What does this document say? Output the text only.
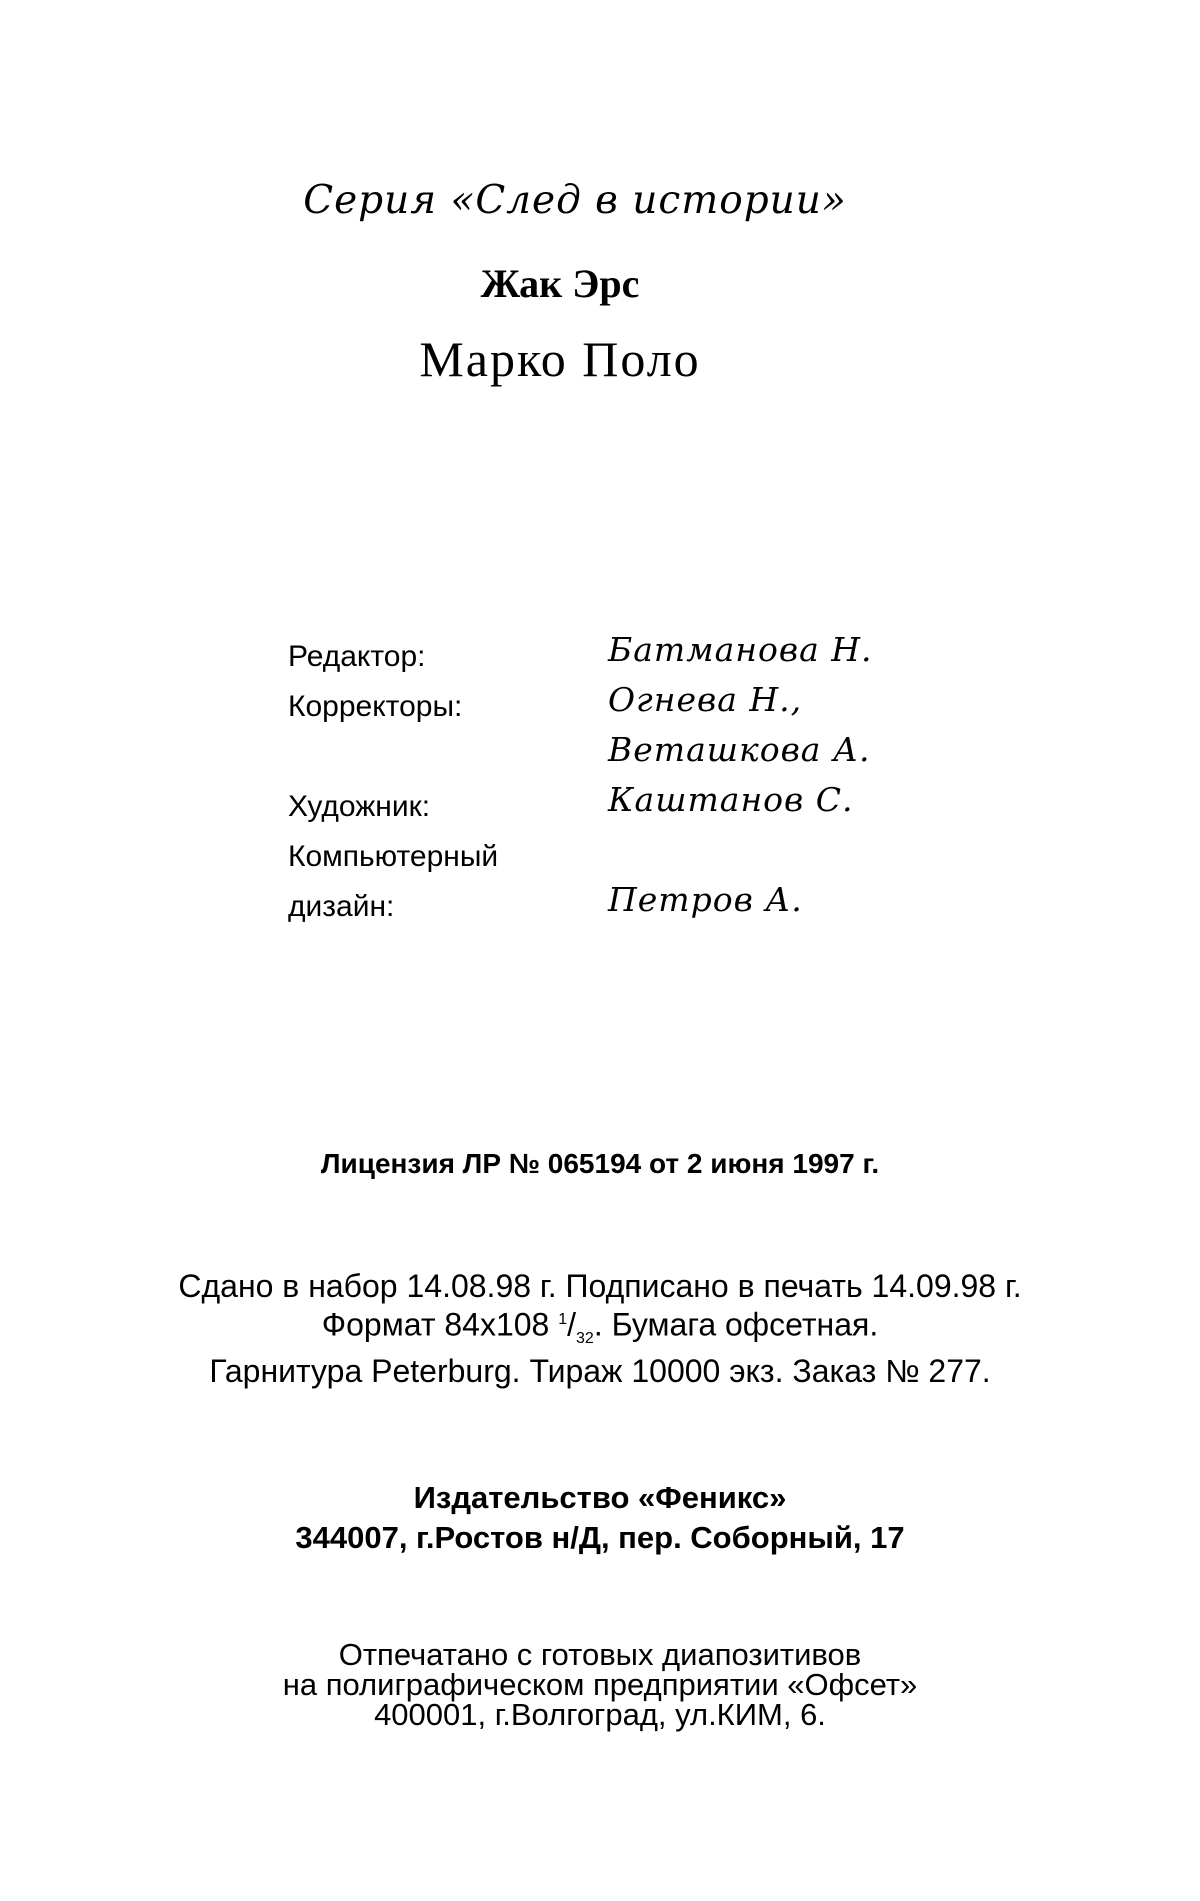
Серия «След в истории»
Жак Эрс
Марко Поло
Редактор:	Батманова Н.
Корректоры:	Огнева Н.,
Веташкова А.
Художник:	Каштанов С.
Компьютерный
дизайн:	Петров А.
Лицензия ЛР № 065194 от 2 июня 1997 г.
Сдано в набор 14.08.98 г. Подписано в печать 14.09.98 г.
Формат 84х108 $^1/_{32}$. Бумага офсетная.
Гарнитура Peterburg. Тираж 10000 экз. Заказ № 277.
Издательство «Феникс»
344007, г.Ростов н/Д, пер. Соборный, 17
Отпечатано с готовых диапозитивов
на полиграфическом предприятии «Офсет»
400001, г.Волгоград, ул.КИМ, 6.
